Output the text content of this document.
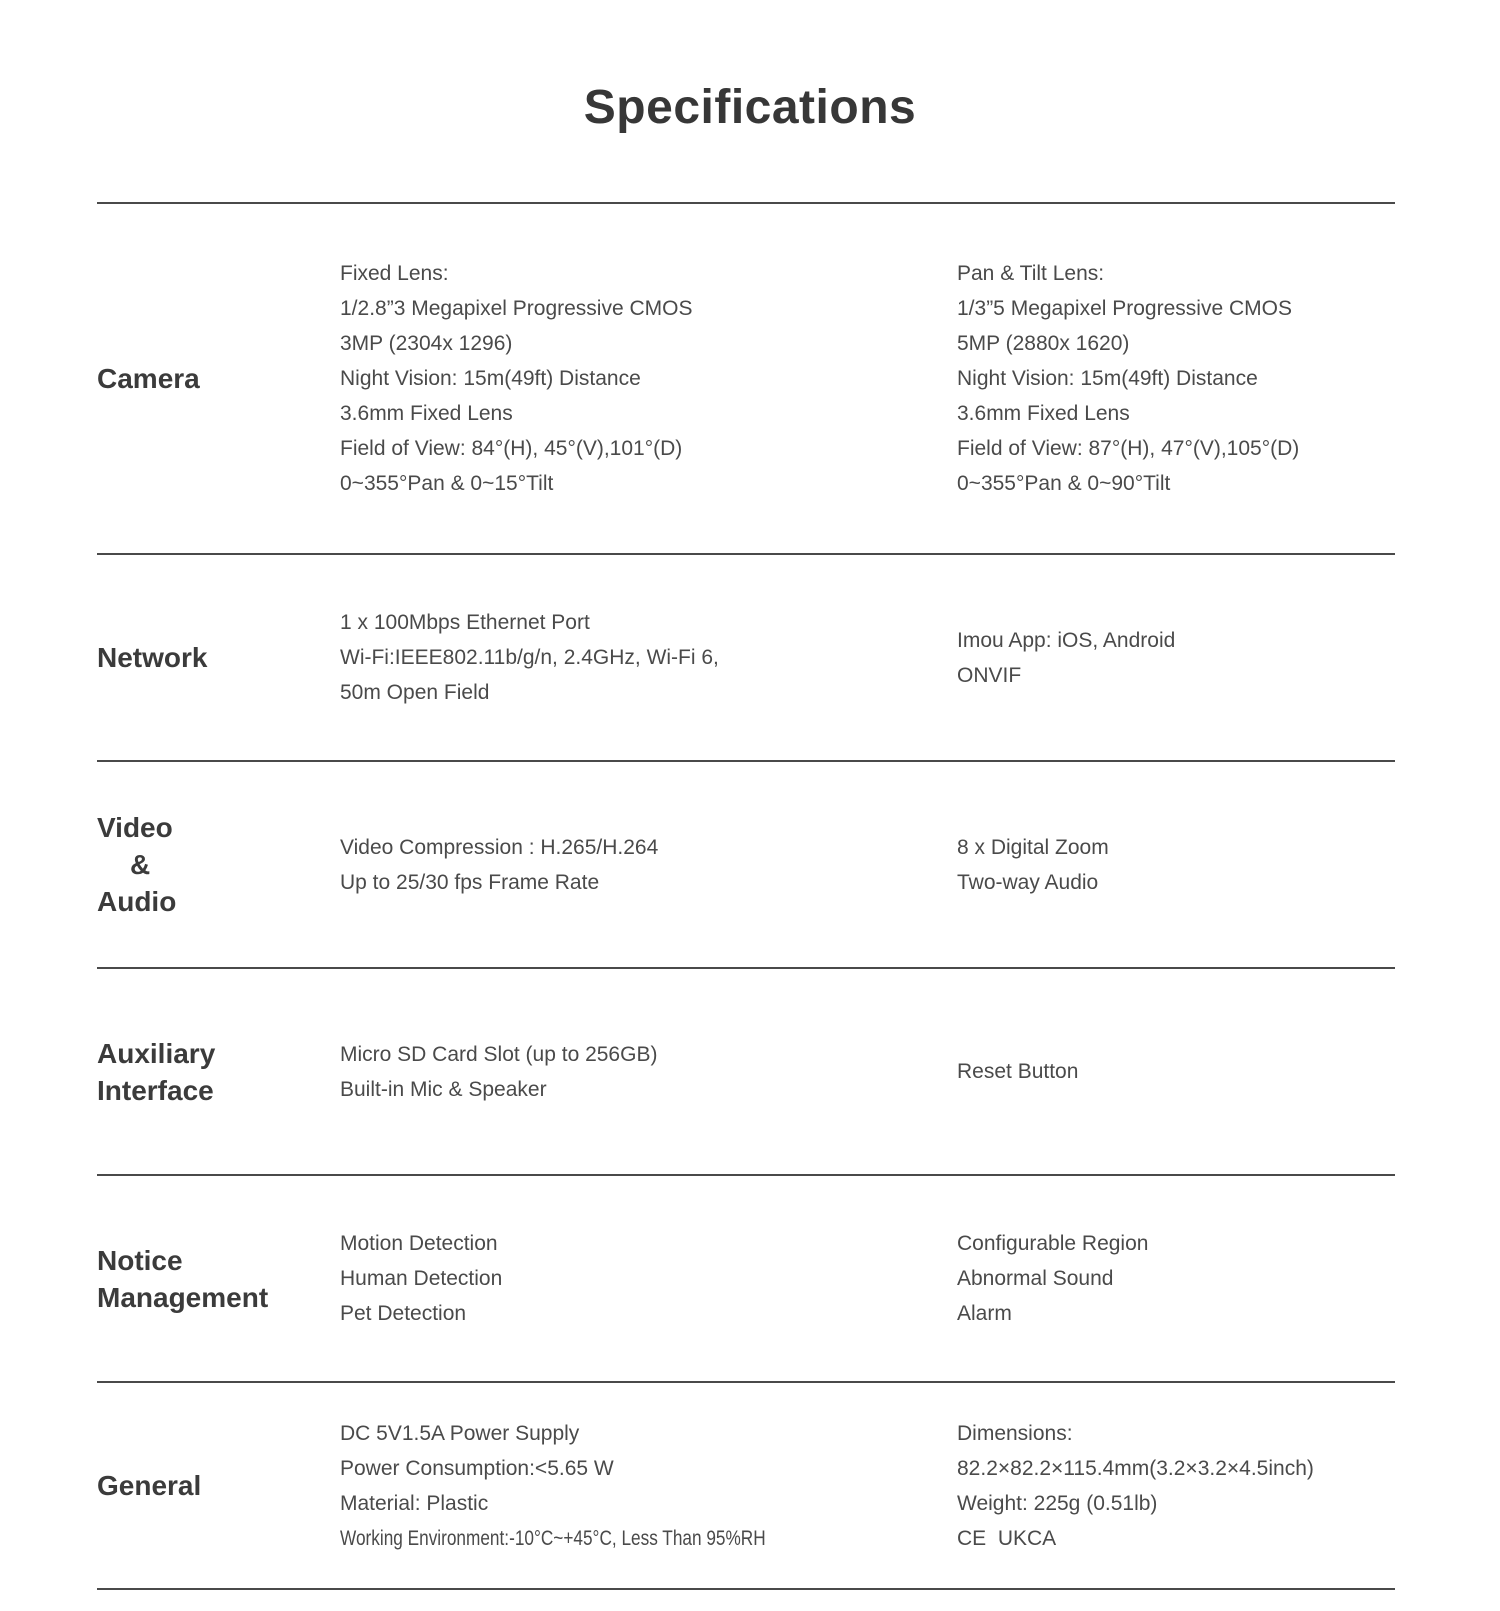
Specifications
Camera
Fixed Lens:
1/2.8”3 Megapixel Progressive CMOS
3MP (2304x 1296)
Night Vision: 15m(49ft) Distance
3.6mm Fixed Lens
Field of View: 84°(H), 45°(V),101°(D)
0~355°Pan & 0~15°Tilt
Pan & Tilt Lens:
1/3”5 Megapixel Progressive CMOS
5MP (2880x 1620)
Night Vision: 15m(49ft) Distance
3.6mm Fixed Lens
Field of View: 87°(H), 47°(V),105°(D)
0~355°Pan & 0~90°Tilt
Network
1 x 100Mbps Ethernet Port
Wi-Fi:IEEE802.11b/g/n, 2.4GHz, Wi-Fi 6,
50m Open Field
Imou App: iOS, Android
ONVIF
Video
&
Audio
Video Compression : H.265/H.264
Up to 25/30 fps Frame Rate
8 x Digital Zoom
Two-way Audio
Auxiliary
Interface
Micro SD Card Slot (up to 256GB)
Built-in Mic & Speaker
Reset Button
Notice
Management
Motion Detection
Human Detection
Pet Detection
Configurable Region
Abnormal Sound
Alarm
General
DC 5V1.5A Power Supply
Power Consumption:<5.65 W
Material: Plastic
Working Environment:-10°C~+45°C, Less Than 95%RH
Dimensions:
82.2×82.2×115.4mm(3.2×3.2×4.5inch)
Weight: 225g (0.51lb)
CE  UKCA
